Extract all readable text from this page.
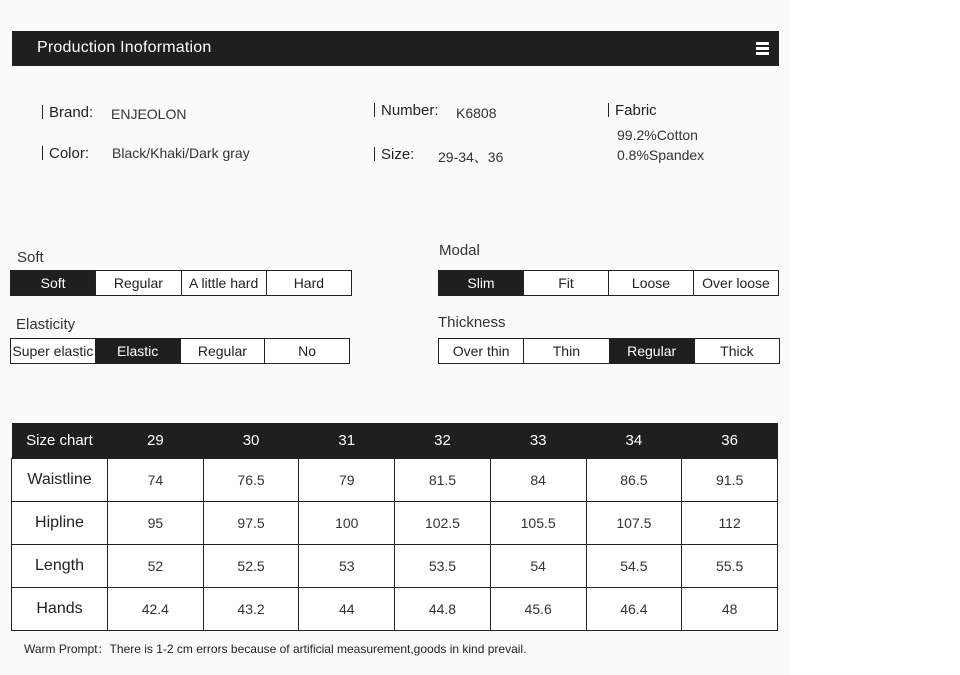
Production Inoformation
Brand: ENJEOLON	Number: K6808	Fabric
99.2%Cotton
0.8%Spandex
Color: Black/Khaki/Dark gray	Size: 29-34、36
Soft
Soft	Regular	A little hard	Hard
Modal
Slim	Fit	Loose	Over loose
Elasticity
Super elastic	Elastic	Regular	No
Thickness
Over thin	Thin	Regular	Thick
Size chart	29	30	31	32	33	34	36
Waistline	74	76.5	79	81.5	84	86.5	91.5
Hipline	95	97.5	100	102.5	105.5	107.5	112
Length	52	52.5	53	53.5	54	54.5	55.5
Hands	42.4	43.2	44	44.8	45.6	46.4	48
Warm Prompt：There is 1-2 cm errors because of artificial measurement,goods in kind prevail.
